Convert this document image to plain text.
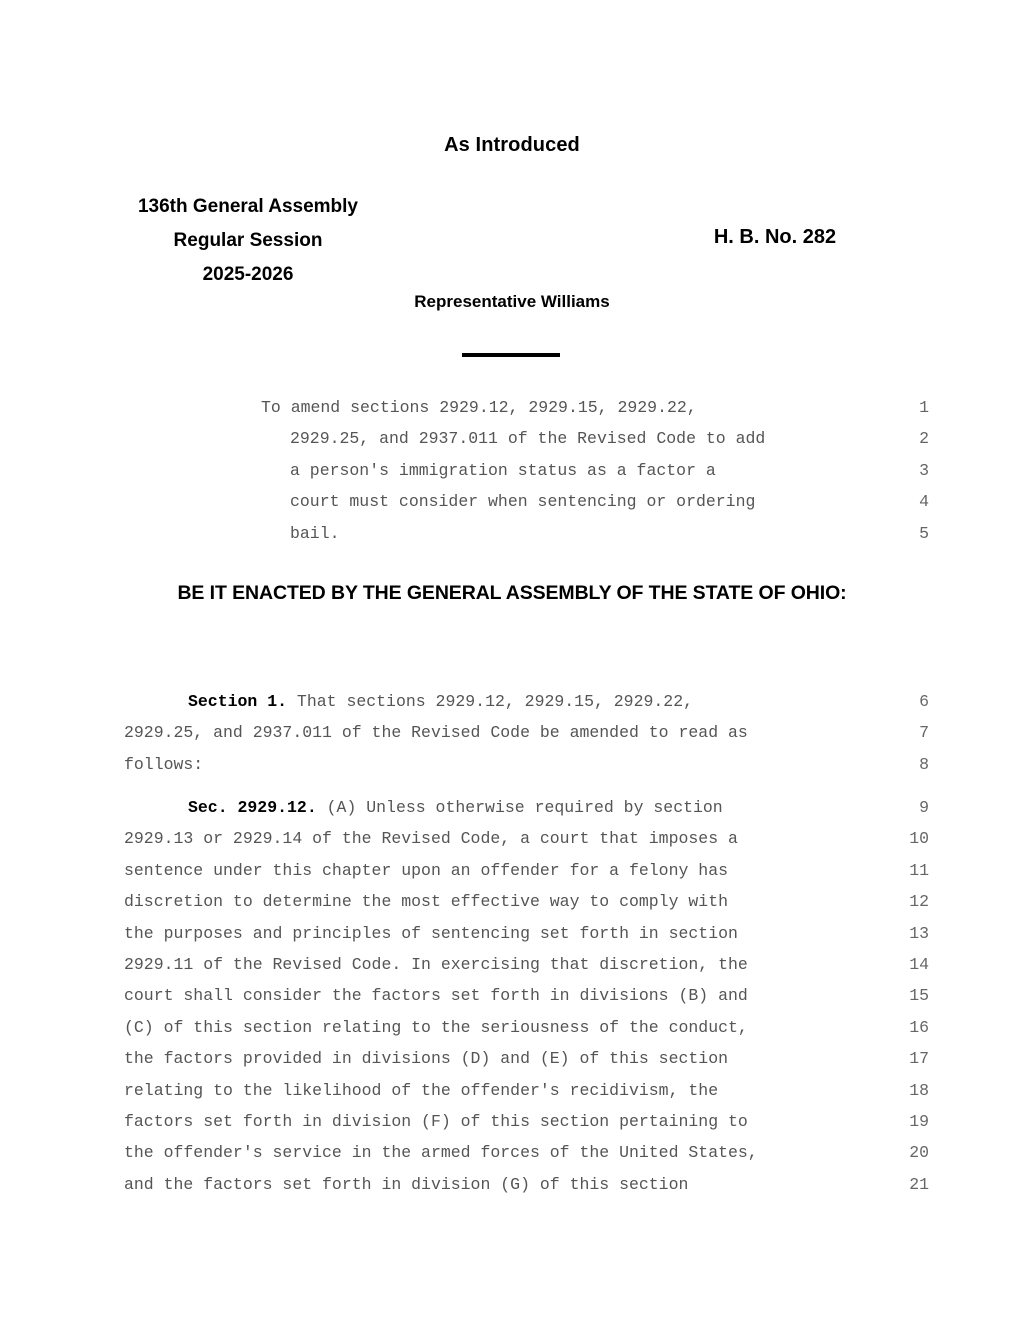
As Introduced
136th General Assembly
Regular Session
2025-2026
H. B. No. 282
Representative Williams
To amend sections 2929.12, 2929.15, 2929.22,	1
2929.25, and 2937.011 of the Revised Code to add	2
a person's immigration status as a factor a	3
court must consider when sentencing or ordering	4
bail.	5
BE IT ENACTED BY THE GENERAL ASSEMBLY OF THE STATE OF OHIO:
Section 1. That sections 2929.12, 2929.15, 2929.22,	6
2929.25, and 2937.011 of the Revised Code be amended to read as	7
follows:	8
Sec. 2929.12. (A) Unless otherwise required by section	9
2929.13 or 2929.14 of the Revised Code, a court that imposes a	10
sentence under this chapter upon an offender for a felony has	11
discretion to determine the most effective way to comply with	12
the purposes and principles of sentencing set forth in section	13
2929.11 of the Revised Code. In exercising that discretion, the	14
court shall consider the factors set forth in divisions (B) and	15
(C) of this section relating to the seriousness of the conduct,	16
the factors provided in divisions (D) and (E) of this section	17
relating to the likelihood of the offender's recidivism, the	18
factors set forth in division (F) of this section pertaining to	19
the offender's service in the armed forces of the United States,	20
and the factors set forth in division (G) of this section	21
